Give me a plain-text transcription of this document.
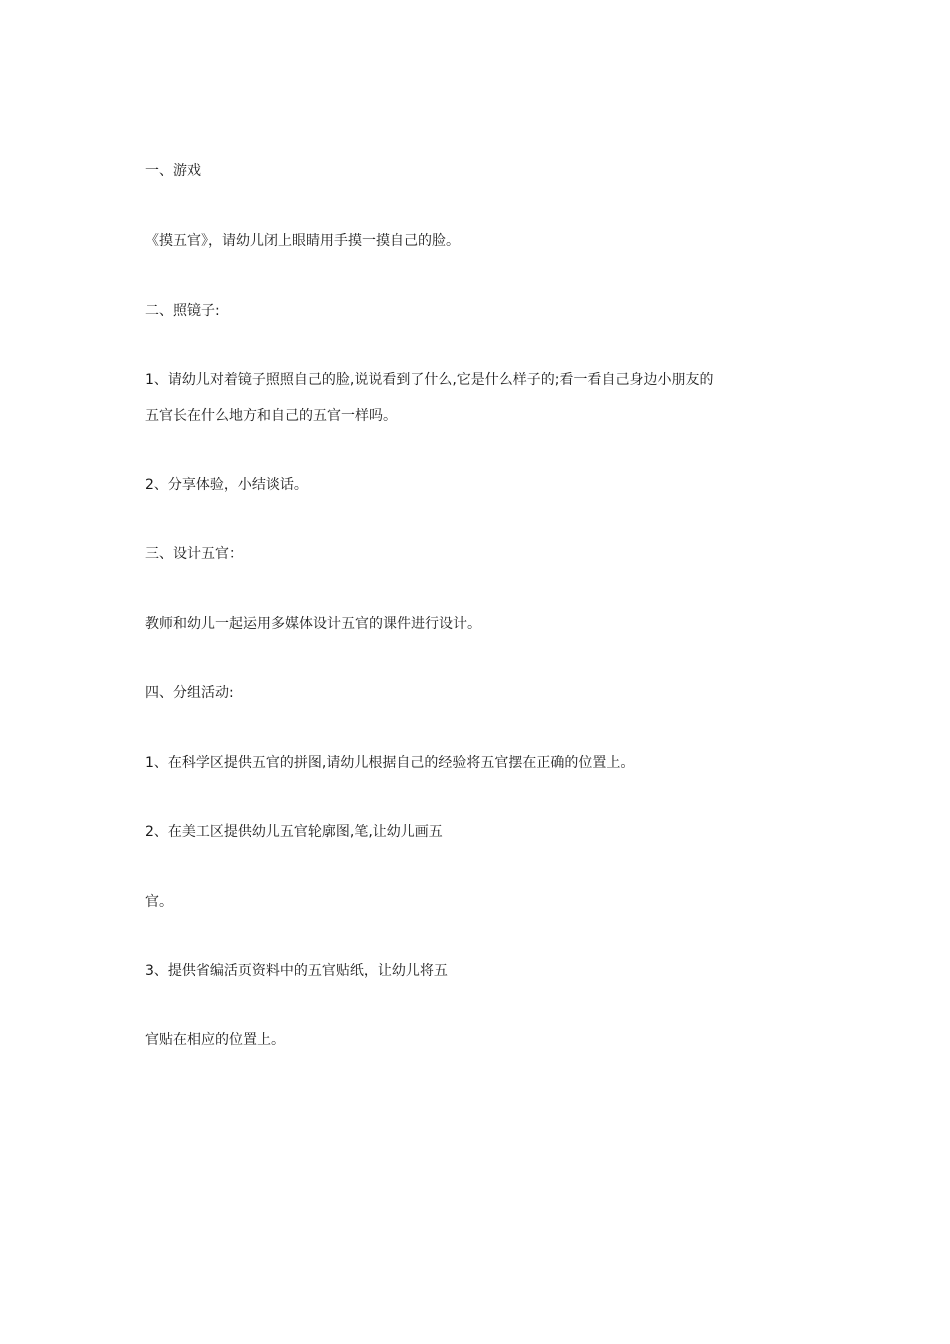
一、游戏

《摸五官》，请幼儿闭上眼睛用手摸一摸自己的脸。

二、照镜子:

1、请幼儿对着镜子照照自己的脸,说说看到了什么,它是什么样子的;看一看自己身边小朋友的

五官长在什么地方和自己的五官一样吗。

2、分享体验，小结谈话。

三、设计五官：

教师和幼儿一起运用多媒体设计五官的课件进行设计。

四、分组活动:

1、在科学区提供五官的拼图,请幼儿根据自己的经验将五官摆在正确的位置上。

2、在美工区提供幼儿五官轮廓图,笔,让幼儿画五

官。

3、提供省编活页资料中的五官贴纸，让幼儿将五

官贴在相应的位置上。
